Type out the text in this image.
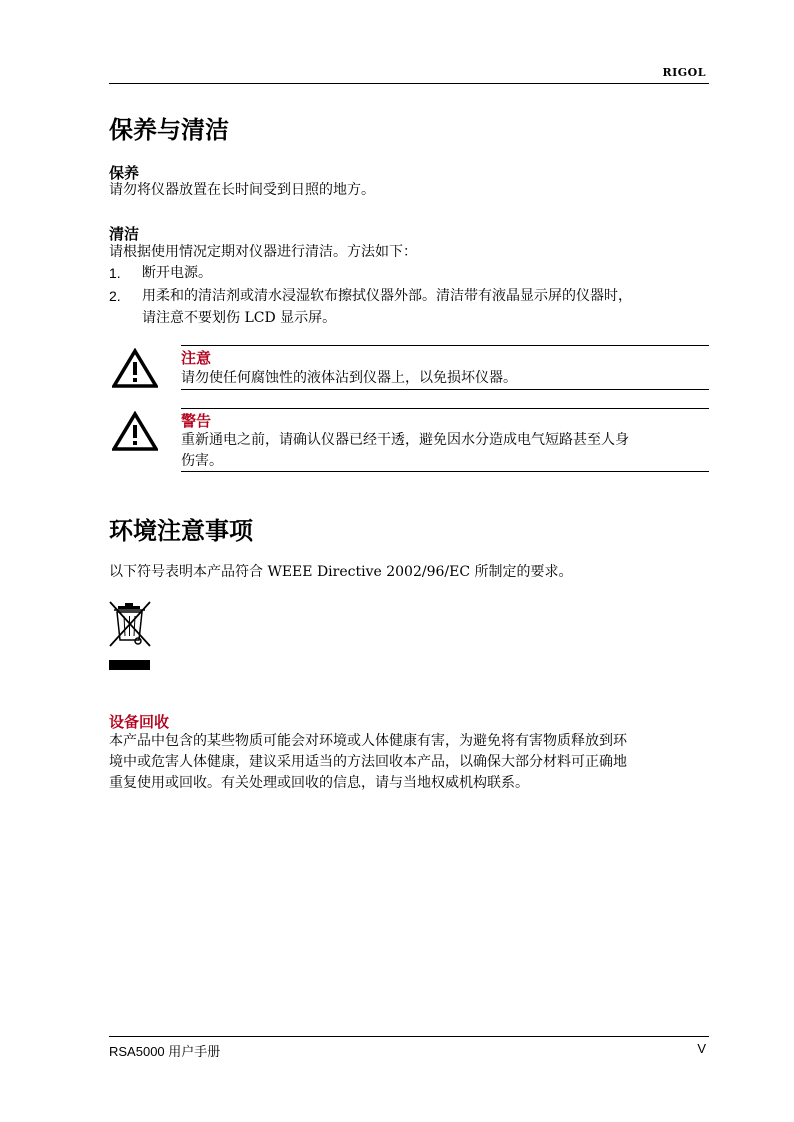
RIGOL
保养与清洁
保养
请勿将仪器放置在长时间受到日照的地方。
清洁
请根据使用情况定期对仪器进行清洁。方法如下：
1. 断开电源。
2. 用柔和的清洁剂或清水浸湿软布擦拭仪器外部。清洁带有液晶显示屏的仪器时，
请注意不要划伤 LCD 显示屏。
注意
请勿使任何腐蚀性的液体沾到仪器上，以免损坏仪器。
警告
重新通电之前，请确认仪器已经干透，避免因水分造成电气短路甚至人身
伤害。
环境注意事项
以下符号表明本产品符合 WEEE Directive 2002/96/EC 所制定的要求。
设备回收
本产品中包含的某些物质可能会对环境或人体健康有害，为避免将有害物质释放到环
境中或危害人体健康，建议采用适当的方法回收本产品，以确保大部分材料可正确地
重复使用或回收。有关处理或回收的信息，请与当地权威机构联系。
RSA5000 用户手册	V
